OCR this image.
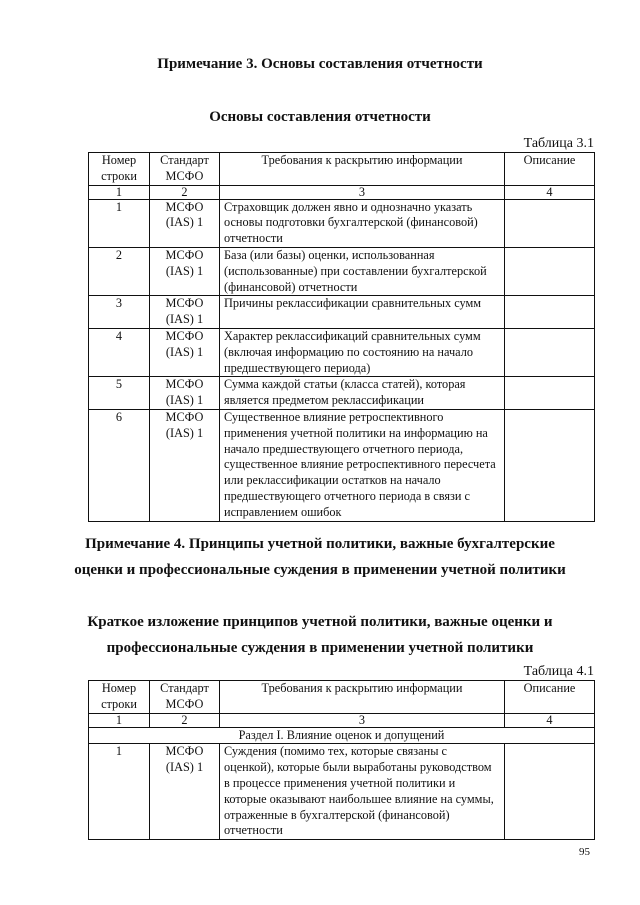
Примечание 3. Основы составления отчетности
Основы составления отчетности
Таблица 3.1
Номер строки	Стандарт МСФО	Требования к раскрытию информации	Описание
1	2	3	4
1	МСФО (IAS) 1	Страховщик должен явно и однозначно указать основы подготовки бухгалтерской (финансовой) отчетности	
2	МСФО (IAS) 1	База (или базы) оценки, использованная (использованные) при составлении бухгалтерской (финансовой) отчетности	
3	МСФО (IAS) 1	Причины реклассификации сравнительных сумм	
4	МСФО (IAS) 1	Характер реклассификаций сравнительных сумм (включая информацию по состоянию на начало предшествующего периода)	
5	МСФО (IAS) 1	Сумма каждой статьи (класса статей), которая является предметом реклассификации	
6	МСФО (IAS) 1	Существенное влияние ретроспективного применения учетной политики на информацию на начало предшествующего отчетного периода, существенное влияние ретроспективного пересчета или реклассификации остатков на начало предшествующего отчетного периода в связи с исправлением ошибок	
Примечание 4. Принципы учетной политики, важные бухгалтерские
оценки и профессиональные суждения в применении учетной политики
Краткое изложение принципов учетной политики, важные оценки и
профессиональные суждения в применении учетной политики
Таблица 4.1
Номер строки	Стандарт МСФО	Требования к раскрытию информации	Описание
1	2	3	4
Раздел I. Влияние оценок и допущений			
1	МСФО (IAS) 1	Суждения (помимо тех, которые связаны с оценкой), которые были выработаны руководством в процессе применения учетной политики и которые оказывают наибольшее влияние на суммы, отраженные в бухгалтерской (финансовой) отчетности	
95
